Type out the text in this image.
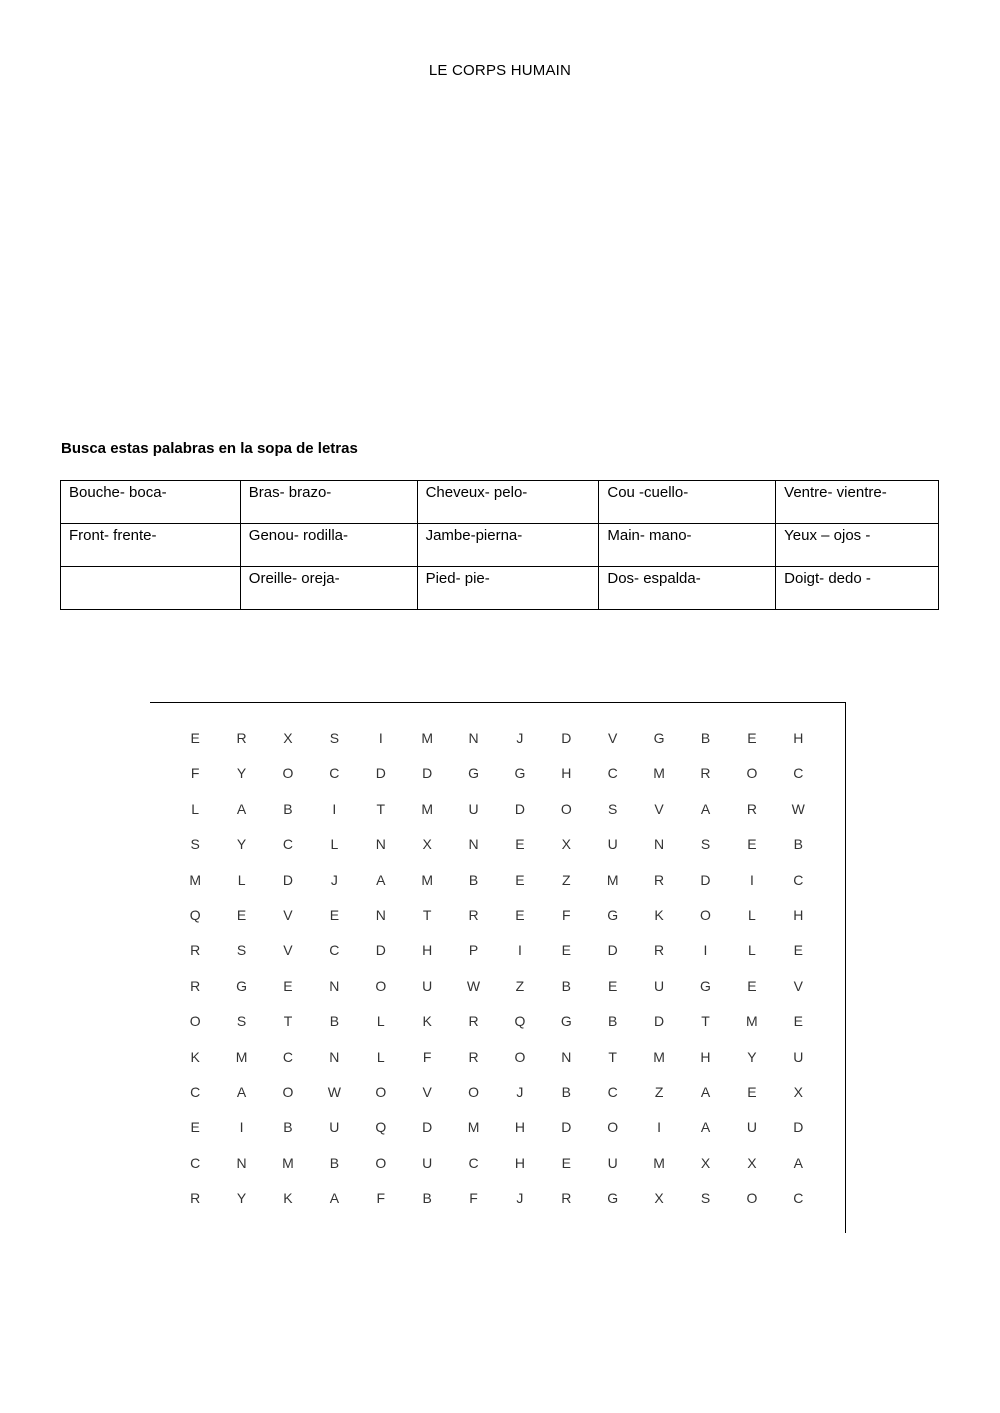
LE CORPS HUMAIN
Busca estas palabras en la sopa de letras
Bouche- boca-	Bras- brazo-	Cheveux- pelo-	Cou -cuello-	Ventre- vientre-
Front- frente-	Genou- rodilla-	Jambe-pierna-	Main- mano-	Yeux – ojos -
	Oreille- oreja-	Pied- pie-	Dos- espalda-	Doigt- dedo -
E	R	X	S	I	M	N	J	D	V	G	B	E	H
F	Y	O	C	D	D	G	G	H	C	M	R	O	C
L	A	B	I	T	M	U	D	O	S	V	A	R	W
S	Y	C	L	N	X	N	E	X	U	N	S	E	B
M	L	D	J	A	M	B	E	Z	M	R	D	I	C
Q	E	V	E	N	T	R	E	F	G	K	O	L	H
R	S	V	C	D	H	P	I	E	D	R	I	L	E
R	G	E	N	O	U	W	Z	B	E	U	G	E	V
O	S	T	B	L	K	R	Q	G	B	D	T	M	E
K	M	C	N	L	F	R	O	N	T	M	H	Y	U
C	A	O	W	O	V	O	J	B	C	Z	A	E	X
E	I	B	U	Q	D	M	H	D	O	I	A	U	D
C	N	M	B	O	U	C	H	E	U	M	X	X	A
R	Y	K	A	F	B	F	J	R	G	X	S	O	C
